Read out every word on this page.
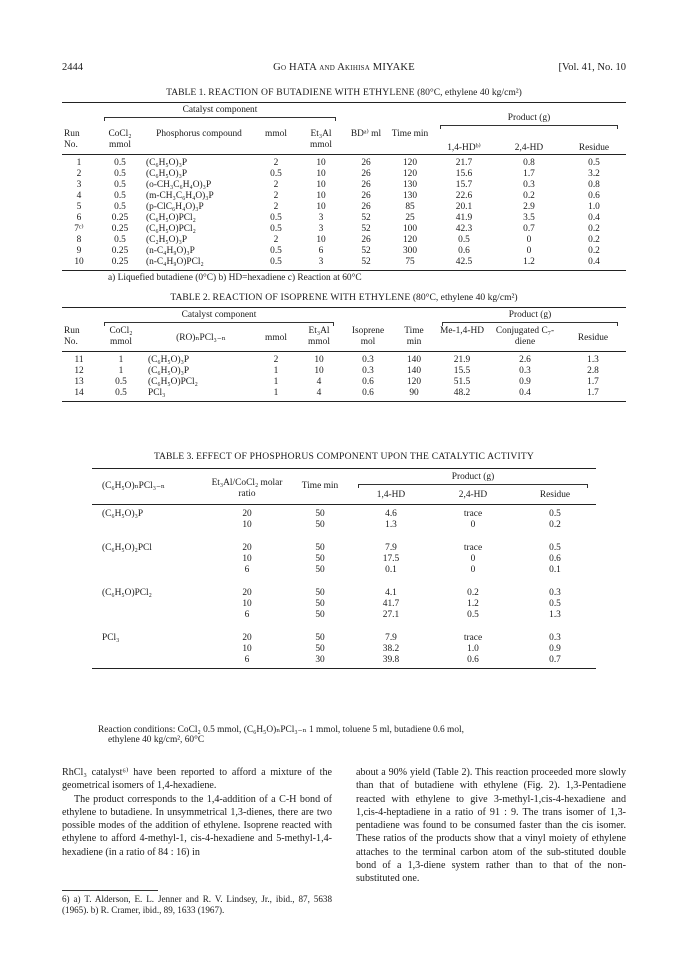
2444	Go HATA and Akihisa MIYAKE	[Vol. 41, No. 10
TABLE 1. REACTION OF BUTADIENE WITH ETHYLENE (80°C, ethylene 40 kg/cm²)
	Catalyst component						Product (g)		

Run No.	CoCl₂ mmol	Phosphorus compound	mmol	Et₃Al mmol	BDᵃ⁾ ml	Time min	1,4-HDᵇ⁾	2,4-HD	Residue
1	0.5	(C₆H₅O)₃P	2	10	26	120	21.7	0.8	0.5
2	0.5	(C₆H₅O)₃P	0.5	10	26	120	15.6	1.7	3.2
3	0.5	(o-CH₃C₆H₄O)₃P	2	10	26	130	15.7	0.3	0.8
4	0.5	(m-CH₃C₆H₄O)₃P	2	10	26	130	22.6	0.2	0.6
5	0.5	(p-ClC₆H₄O)₃P	2	10	26	85	20.1	2.9	1.0
6	0.25	(C₆H₅O)PCl₂	0.5	3	52	25	41.9	3.5	0.4
7ᶜ⁾	0.25	(C₆H₅O)PCl₂	0.5	3	52	100	42.3	0.7	0.2
8	0.5	(C₂H₅O)₃P	2	10	26	120	0.5	0	0.2
9	0.25	(n-C₄H₉O)₃P	0.5	6	52	300	0.6	0	0.2
10	0.25	(n-C₄H₉O)PCl₂	0.5	3	52	75	42.5	1.2	0.4
a) Liquefied butadiene (0°C) b) HD=hexadiene c) Reaction at 60°C
TABLE 2. REACTION OF ISOPRENE WITH ETHYLENE (80°C, ethylene 40 kg/cm²)
	Catalyst component						Product (g)		

Run No.	CoCl₂ mmol	(RO)ₙPCl₃₋ₙ	mmol	Et₃Al mmol	Isoprene mol	Time min	Me-1,4-HD	Conjugated C₇-diene	Residue
11	1	(C₆H₅O)₃P	2	10	0.3	140	21.9	2.6	1.3
12	1	(C₆H₅O)₃P	1	10	0.3	140	15.5	0.3	2.8
13	0.5	(C₆H₅O)PCl₂	1	4	0.6	120	51.5	0.9	1.7
14	0.5	PCl₃	1	4	0.6	90	48.2	0.4	1.7
TABLE 3. EFFECT OF PHOSPHORUS COMPONENT UPON THE CATALYTIC ACTIVITY
(C₆H₅O)ₙPCl₃₋ₙ	Et₃Al/CoCl₂ molar ratio	Time min	Product (g)		

			1,4-HD	2,4-HD	Residue
(C₆H₅O)₃P	20	50	4.6	trace	0.5
	10	50	1.3	0	0.2
(C₆H₅O)₂PCl	20	50	7.9	trace	0.5
	10	50	17.5	0	0.6
	6	50	0.1	0	0.1
(C₆H₅O)PCl₂	20	50	4.1	0.2	0.3
	10	50	41.7	1.2	0.5
	6	50	27.1	0.5	1.3
PCl₃	20	50	7.9	trace	0.3
	10	50	38.2	1.0	0.9
	6	30	39.8	0.6	0.7
Reaction conditions: CoCl₂ 0.5 mmol, (C₆H₅O)ₙPCl₃₋ₙ 1 mmol, toluene 5 ml, butadiene 0.6 mol,
ethylene 40 kg/cm², 60°C
RhCl₃ catalyst⁶⁾ have been reported to afford a mixture of the geometrical isomers of 1,4-hexadiene.
The product corresponds to the 1,4-addition of a C-H bond of ethylene to butadiene. In unsymmetrical 1,3-dienes, there are two possible modes of the addition of ethylene. Isoprene reacted with ethylene to afford 4-methyl-1, cis-4-hexadiene and 5-methyl-1,4-hexadiene (in a ratio of 84 : 16) in
6) a) T. Alderson, E. L. Jenner and R. V. Lindsey, Jr., ibid., 87, 5638 (1965). b) R. Cramer, ibid., 89, 1633 (1967).
about a 90% yield (Table 2). This reaction proceeded more slowly than that of butadiene with ethylene (Fig. 2). 1,3-Pentadiene reacted with ethylene to give 3-methyl-1,cis-4-hexadiene and 1,cis-4-heptadiene in a ratio of 91 : 9. The trans isomer of 1,3-pentadiene was found to be consumed faster than the cis isomer. These ratios of the products show that a vinyl moiety of ethylene attaches to the terminal carbon atom of the sub-stituted double bond of a 1,3-diene system rather than to that of the non-substituted one.
